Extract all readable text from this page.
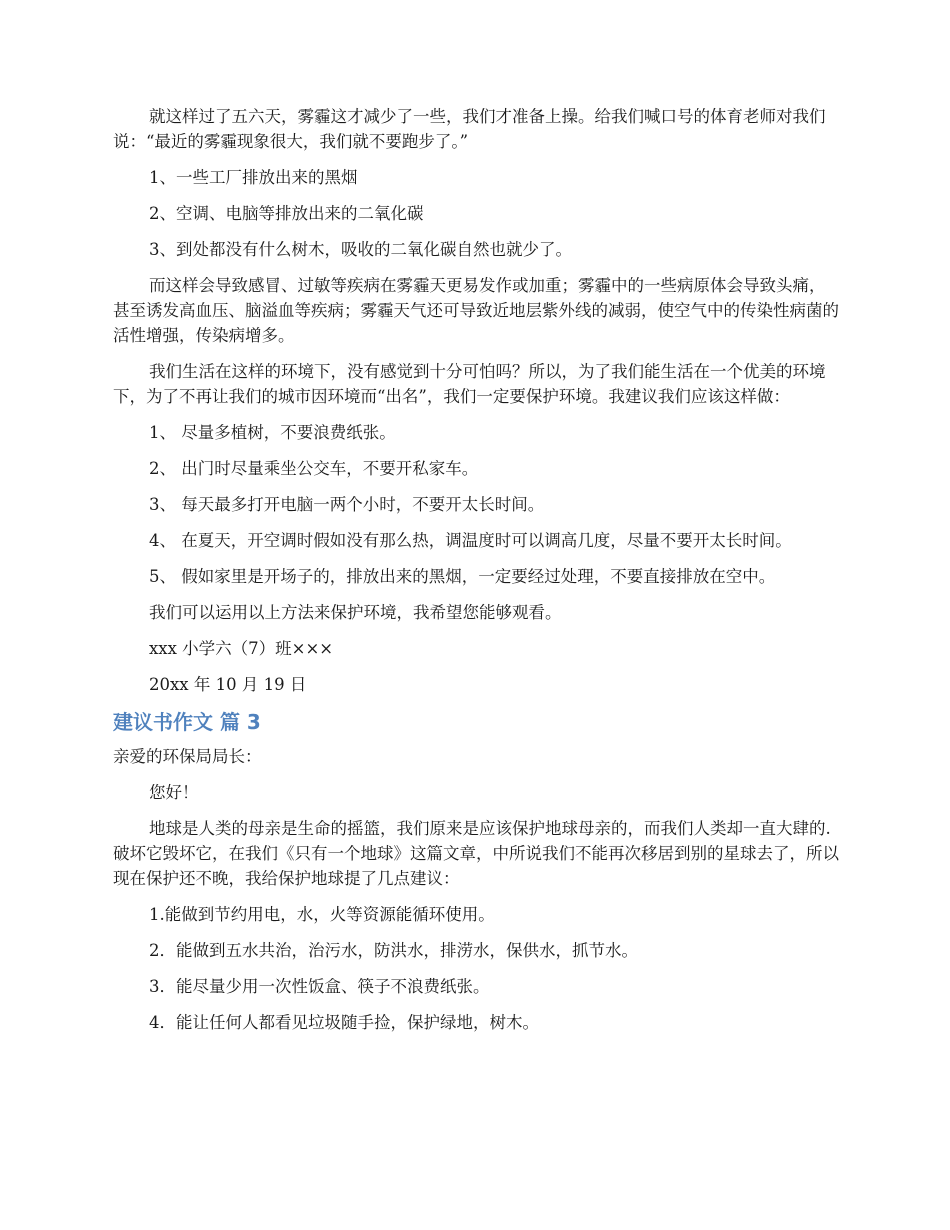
就这样过了五六天，雾霾这才减少了一些，我们才准备上操。给我们喊口号的体育老师对我们说：“最近的雾霾现象很大，我们就不要跑步了。”

1、一些工厂排放出来的黑烟

2、空调、电脑等排放出来的二氧化碳

3、到处都没有什么树木，吸收的二氧化碳自然也就少了。

而这样会导致感冒、过敏等疾病在雾霾天更易发作或加重；雾霾中的一些病原体会导致头痛，甚至诱发高血压、脑溢血等疾病；雾霾天气还可导致近地层紫外线的减弱，使空气中的传染性病菌的活性增强，传染病增多。

我们生活在这样的环境下，没有感觉到十分可怕吗？所以，为了我们能生活在一个优美的环境下，为了不再让我们的城市因环境而“出名”，我们一定要保护环境。我建议我们应该这样做：

1、 尽量多植树，不要浪费纸张。

2、 出门时尽量乘坐公交车，不要开私家车。

3、 每天最多打开电脑一两个小时，不要开太长时间。

4、 在夏天，开空调时假如没有那么热，调温度时可以调高几度，尽量不要开太长时间。

5、 假如家里是开场子的，排放出来的黑烟，一定要经过处理，不要直接排放在空中。

我们可以运用以上方法来保护环境，我希望您能够观看。

xxx 小学六（7）班×××

20xx 年 10 月 19 日

建议书作文 篇 3

亲爱的环保局局长：

您好！

地球是人类的母亲是生命的摇篮，我们原来是应该保护地球母亲的，而我们人类却一直大肆的.破坏它毁坏它，在我们《只有一个地球》这篇文章，中所说我们不能再次移居到别的星球去了，所以现在保护还不晚，我给保护地球提了几点建议：

1.能做到节约用电，水，火等资源能循环使用。

2．能做到五水共治，治污水，防洪水，排涝水，保供水，抓节水。

3．能尽量少用一次性饭盒、筷子不浪费纸张。

4．能让任何人都看见垃圾随手捡，保护绿地，树木。
